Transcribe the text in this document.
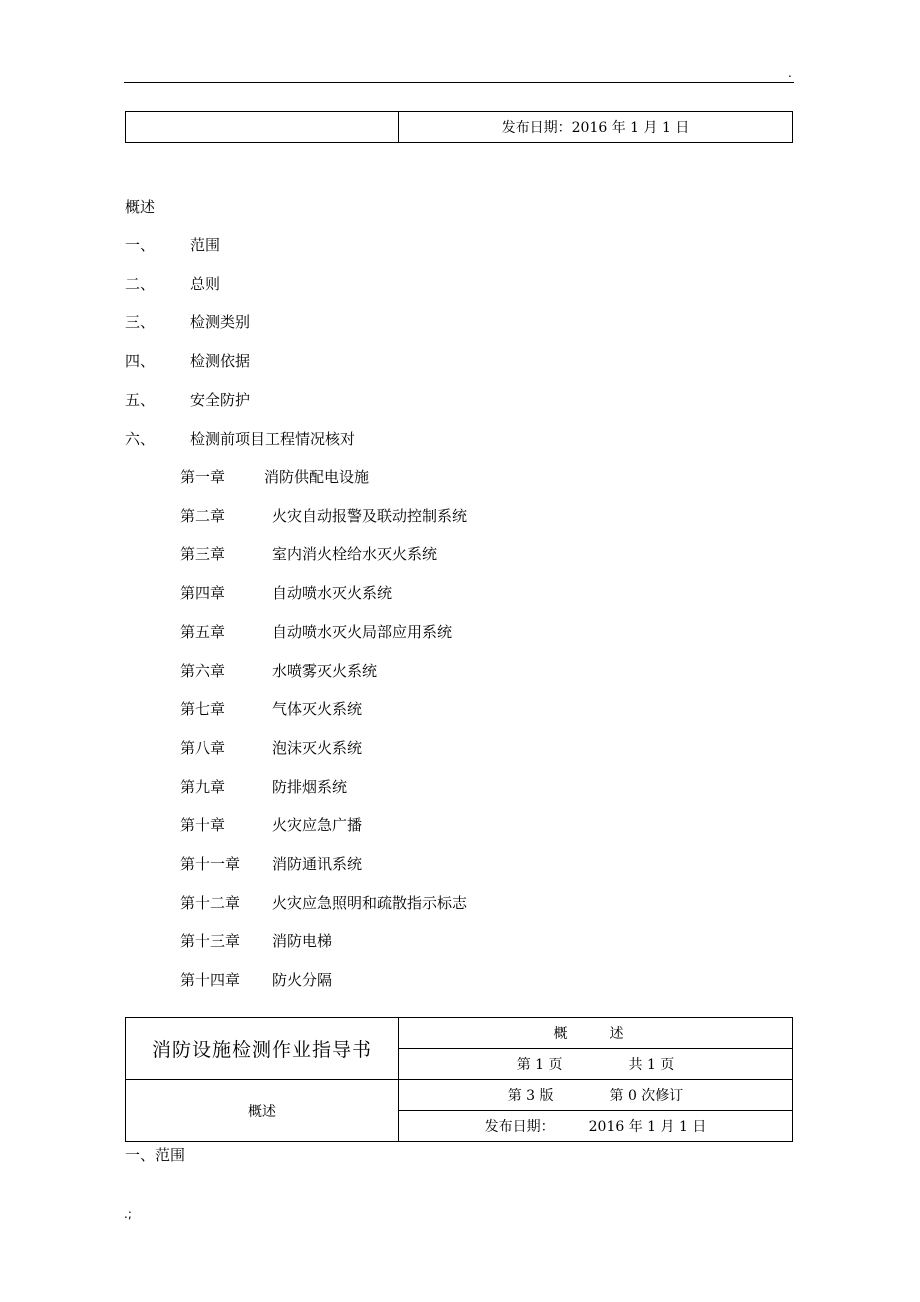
.
	发布日期：2016 年 1 月 1 日
概述
一、 范围
二、 总则
三、 检测类别
四、 检测依据
五、 安全防护
六、 检测前项目工程情况核对
第一章	消防供配电设施
第二章	火灾自动报警及联动控制系统
第三章	室内消火栓给水灭火系统
第四章	自动喷水灭火系统
第五章	自动喷水灭火局部应用系统
第六章	水喷雾灭火系统
第七章	气体灭火系统
第八章	泡沫灭火系统
第九章	防排烟系统
第十章	火灾应急广播
第十一章 消防通讯系统
第十二章 火灾应急照明和疏散指示标志
第十三章 消防电梯
第十四章 防火分隔
消防设施检测作业指导书	概　述
	第 1 页 共 1 页
概述	第 3 版 第 0 次修订
	发布日期： 2016 年 1 月 1 日
一、范围
.;
